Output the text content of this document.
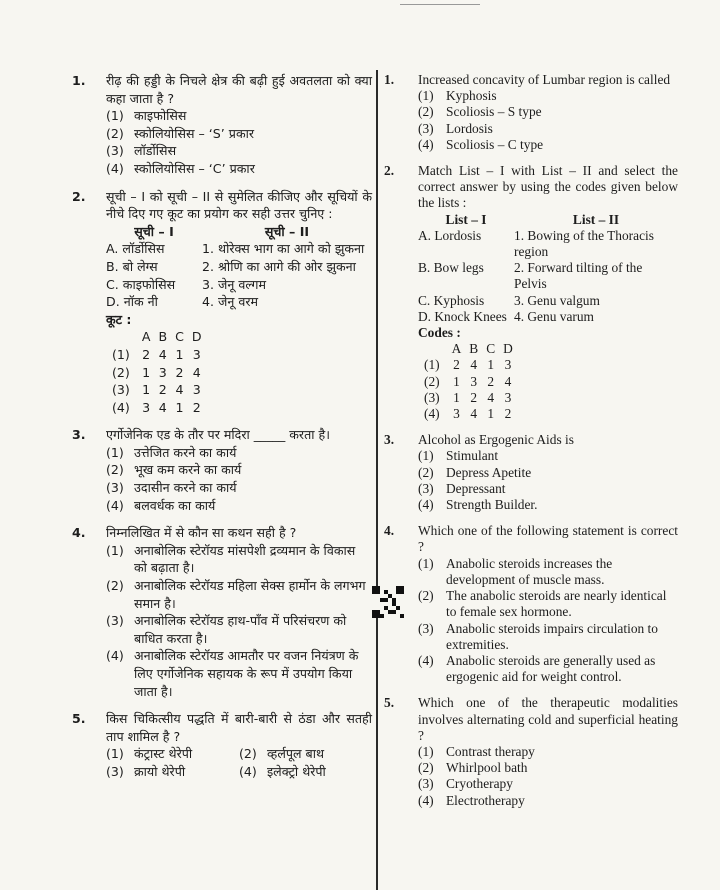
1. रीढ़ की हड्डी के निचले क्षेत्र की बढ़ी हुई अवतलता को क्या कहा जाता है ?
(1) काइफोसिस
(2) स्कोलियोसिस – ‘S’ प्रकार
(3) लॉर्डोसिस
(4) स्कोलियोसिस – ‘C’ प्रकार
2. सूची – I को सूची – II से सुमेलित कीजिए और सूचियों के नीचे दिए गए कूट का प्रयोग कर सही उत्तर चुनिए :
सूची – I	सूची – II
A. लॉर्डोसिस	1. थोरेक्स भाग का आगे को झुकना
B. बो लेग्स	2. श्रोणि का आगे की ओर झुकना
C. काइफोसिस	3. जेनू वल्गम
D. नॉक नी	4. जेनू वरम
कूट :
	A	B	C	D
(1)	2	4	1	3
(2)	1	3	2	4
(3)	1	2	4	3
(4)	3	4	1	2
3. एर्गोजेनिक एड के तौर पर मदिरा _____ करता है।
(1) उत्तेजित करने का कार्य
(2) भूख कम करने का कार्य
(3) उदासीन करने का कार्य
(4) बलवर्धक का कार्य
4. निम्नलिखित में से कौन सा कथन सही है ?
(1) अनाबोलिक स्टेरॉयड मांसपेशी द्रव्यमान के विकास को बढ़ाता है।
(2) अनाबोलिक स्टेरॉयड महिला सेक्स हार्मोन के लगभग समान है।
(3) अनाबोलिक स्टेरॉयड हाथ-पाँव में परिसंचरण को बाधित करता है।
(4) अनाबोलिक स्टेरॉयड आमतौर पर वजन नियंत्रण के लिए एर्गोजेनिक सहायक के रूप में उपयोग किया जाता है।
5. किस चिकित्सीय पद्धति में बारी-बारी से ठंडा और सतही ताप शामिल है ?
(1) कंट्रास्ट थेरेपी	(2) व्हर्लपूल बाथ
(3) क्रायो थेरेपी	(4) इलेक्ट्रो थेरेपी
1. Increased concavity of Lumbar region is called
(1) Kyphosis
(2) Scoliosis – S type
(3) Lordosis
(4) Scoliosis – C type
2. Match List – I with List – II and select the correct answer by using the codes given below the lists :
List – I	List – II
A. Lordosis	1. Bowing of the Thoracis region
B. Bow legs	2. Forward tilting of the Pelvis
C. Kyphosis	3. Genu valgum
D. Knock Knees 4. Genu varum
Codes :
	A	B	C	D
(1)	2	4	1	3
(2)	1	3	2	4
(3)	1	2	4	3
(4)	3	4	1	2
3. Alcohol as Ergogenic Aids is
(1) Stimulant
(2) Depress Apetite
(3) Depressant
(4) Strength Builder.
4. Which one of the following statement is correct ?
(1) Anabolic steroids increases the development of muscle mass.
(2) The anabolic steroids are nearly identical to female sex hormone.
(3) Anabolic steroids impairs circulation to extremities.
(4) Anabolic steroids are generally used as ergogenic aid for weight control.
5. Which one of the therapeutic modalities involves alternating cold and superficial heating ?
(1) Contrast therapy
(2) Whirlpool bath
(3) Cryotherapy
(4) Electrotherapy
